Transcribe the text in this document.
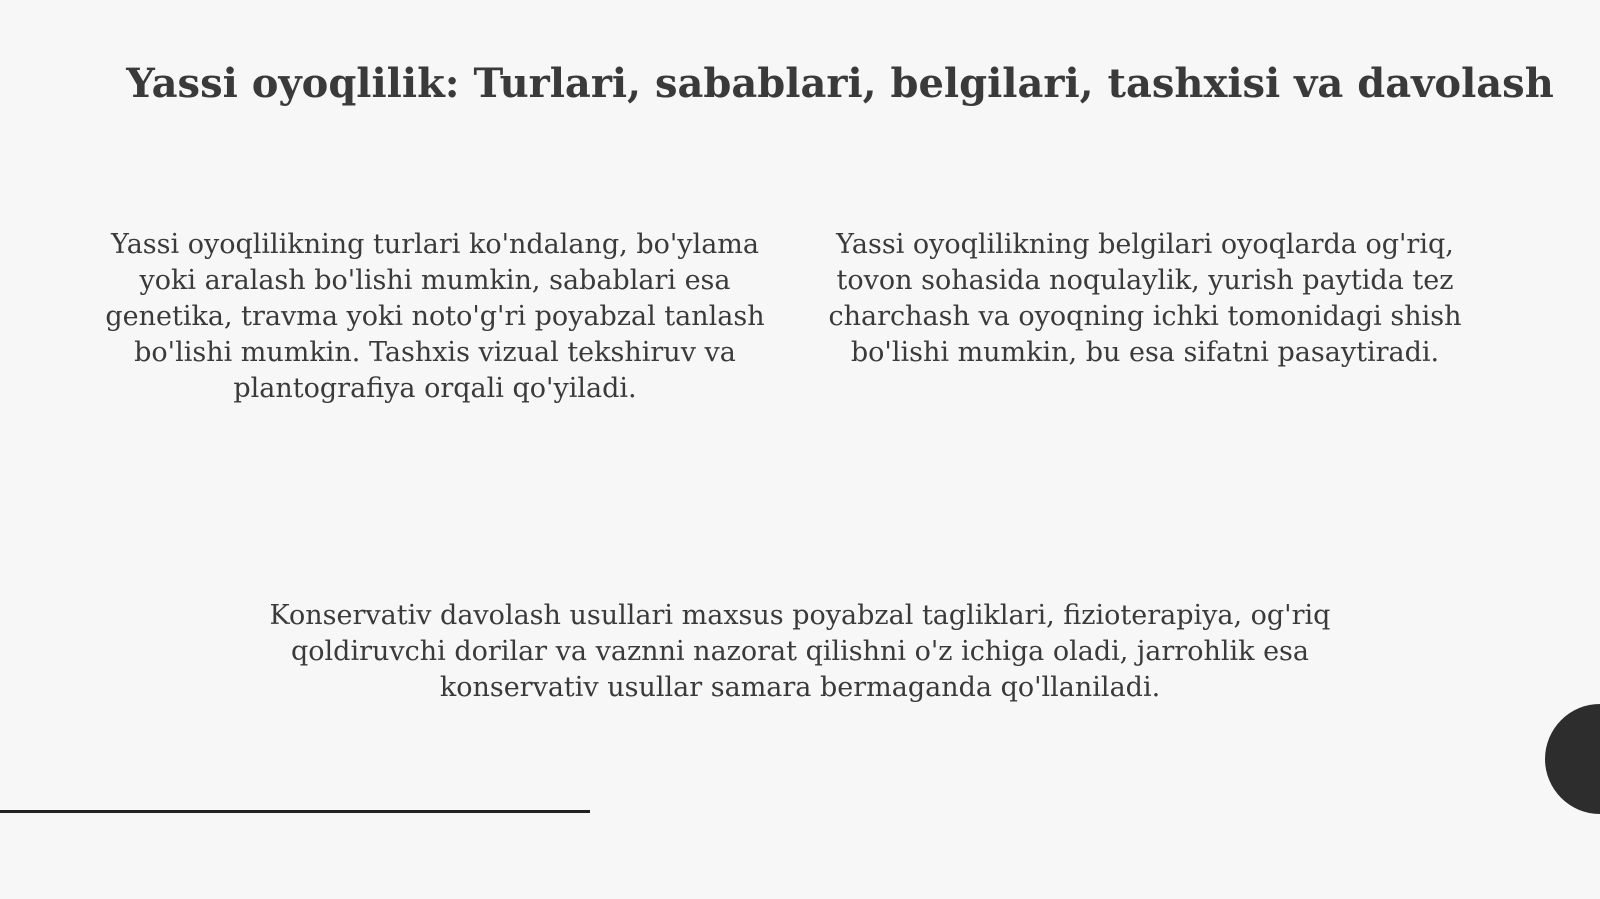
Yassi oyoqlilik: Turlari, sabablari, belgilari, tashxisi va davolash

Yassi oyoqlilikning turlari ko'ndalang, bo'ylama yoki aralash bo'lishi mumkin, sabablari esa genetika, travma yoki noto'g'ri poyabzal tanlash bo'lishi mumkin. Tashxis vizual tekshiruv va plantografiya orqali qo'yiladi.

Yassi oyoqlilikning belgilari oyoqlarda og'riq, tovon sohasida noqulaylik, yurish paytida tez charchash va oyoqning ichki tomonidagi shish bo'lishi mumkin, bu esa sifatni pasaytiradi.

Konservativ davolash usullari maxsus poyabzal tagliklari, fizioterapiya, og'riq qoldiruvchi dorilar va vaznni nazorat qilishni o'z ichiga oladi, jarrohlik esa konservativ usullar samara bermaganda qo'llaniladi.
